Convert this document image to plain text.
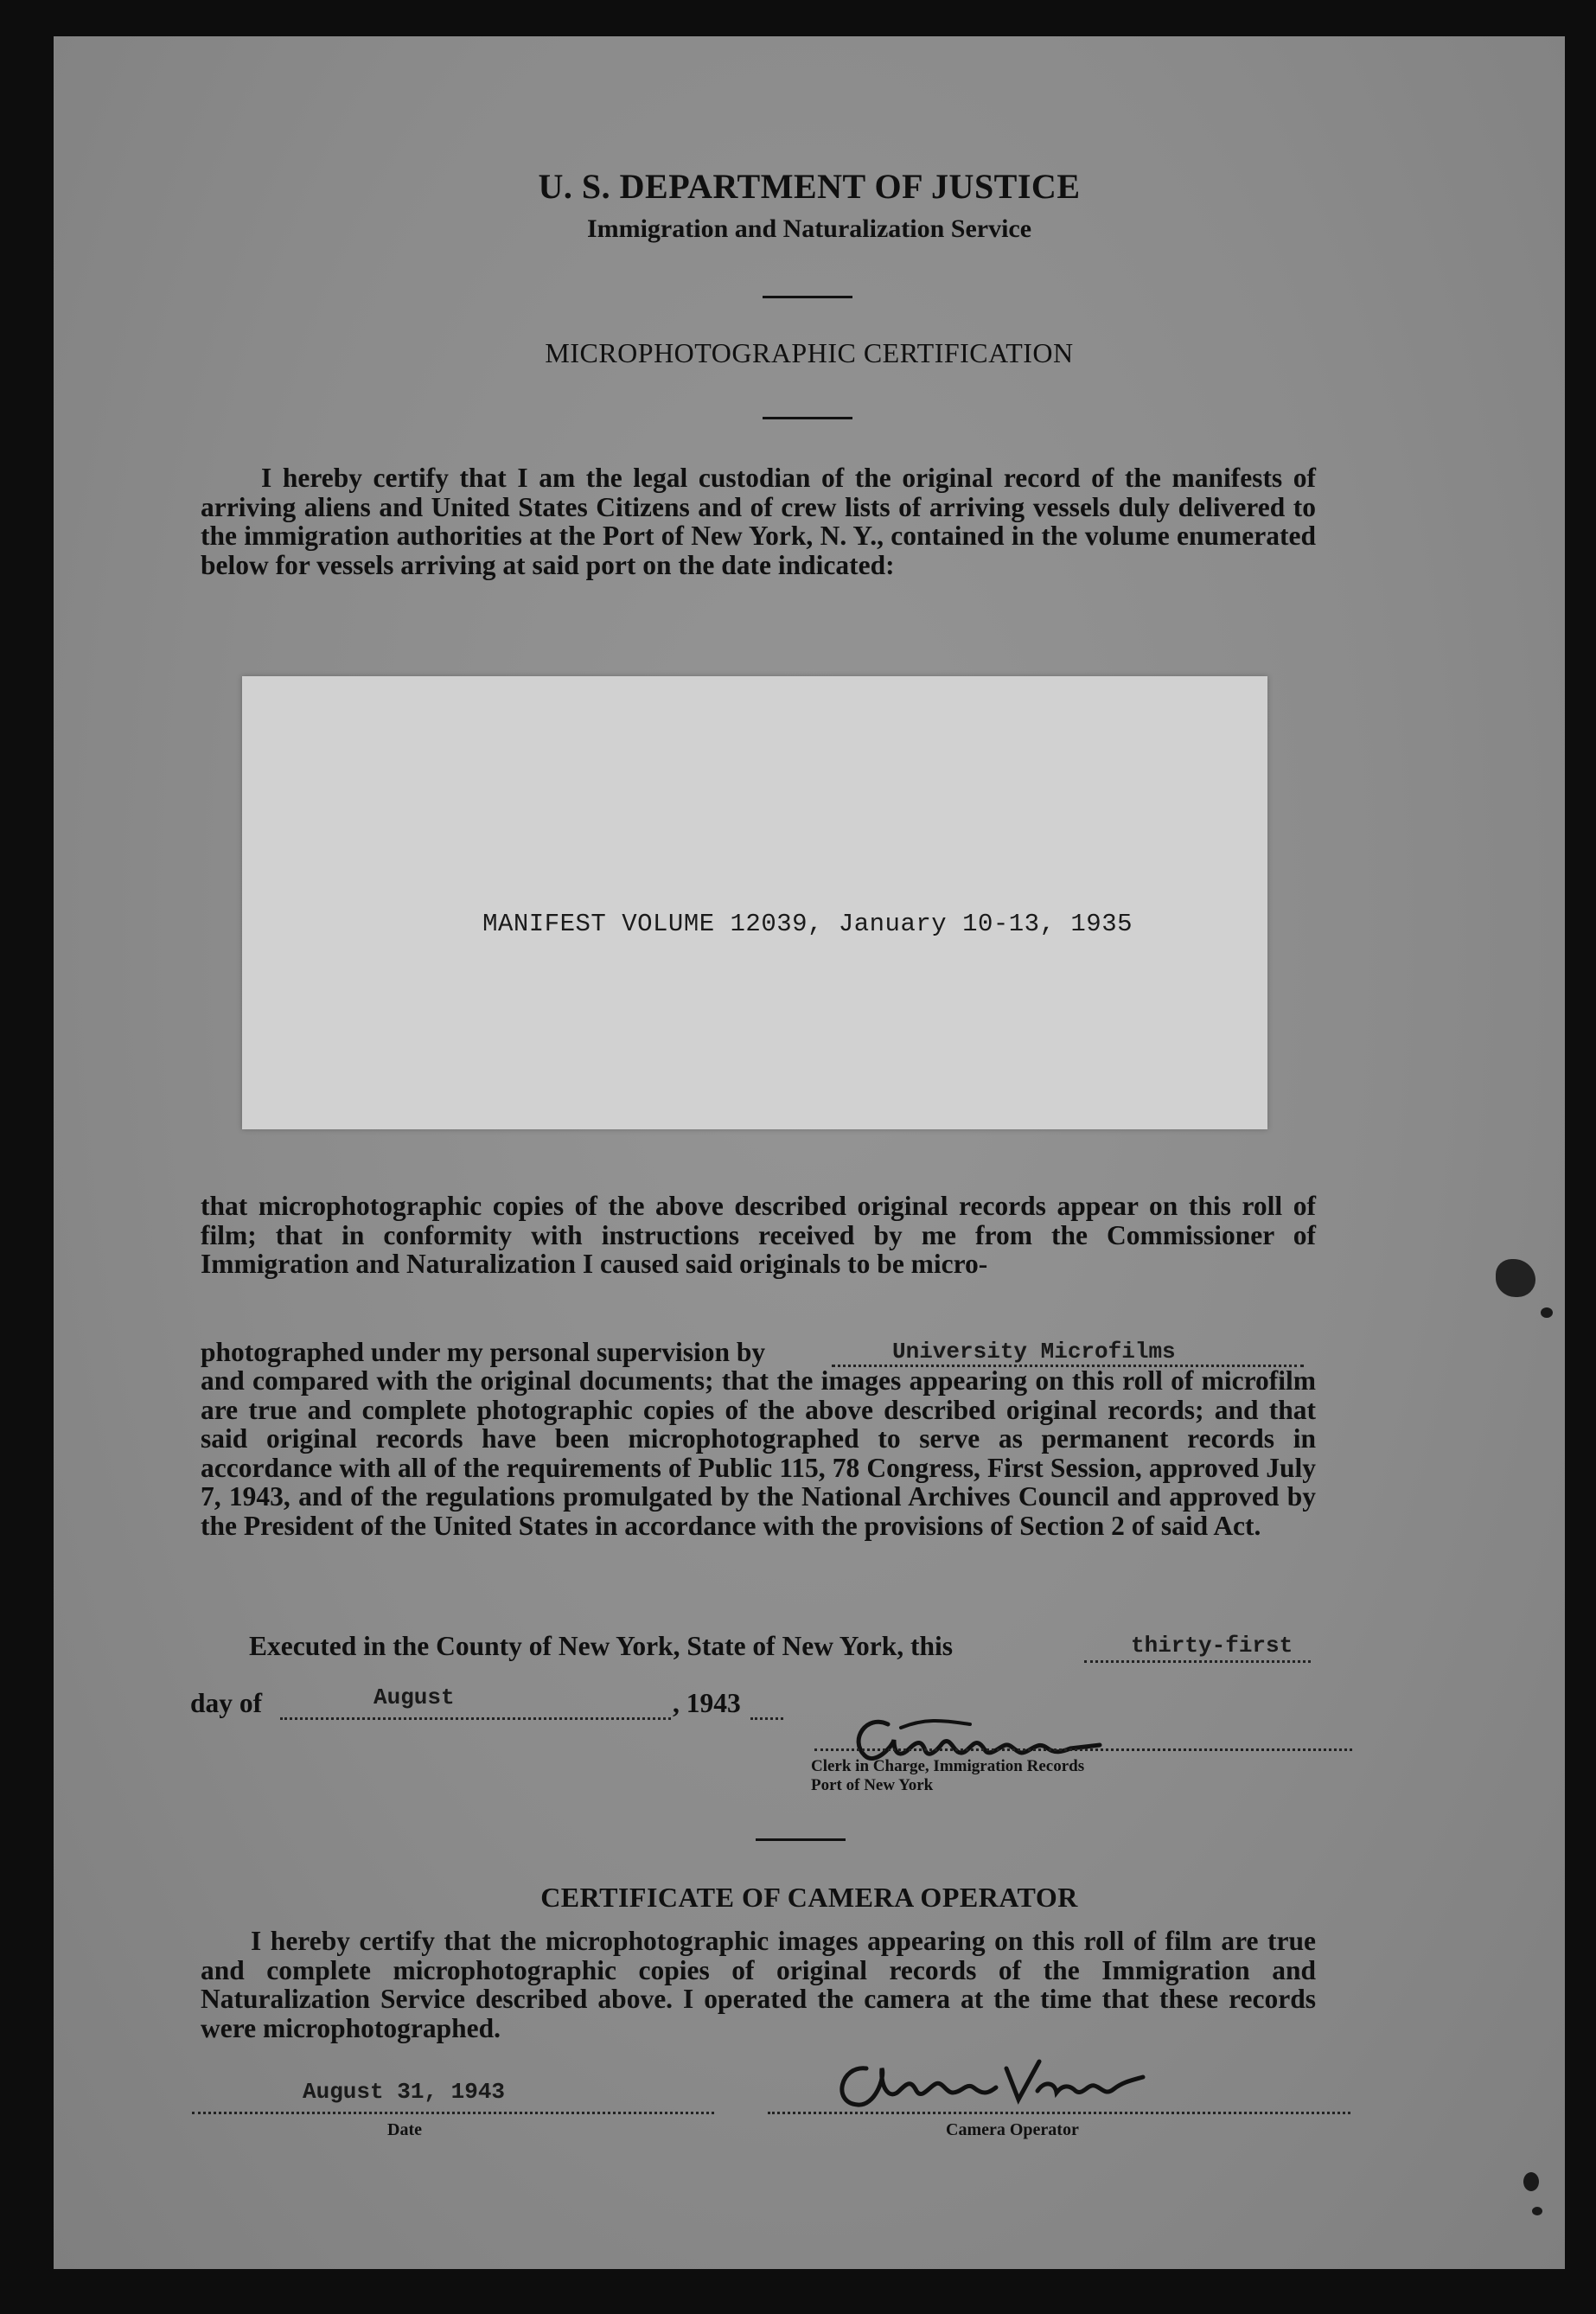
U. S. DEPARTMENT OF JUSTICE
Immigration and Naturalization Service
MICROPHOTOGRAPHIC CERTIFICATION
I hereby certify that I am the legal custodian of the original record of the manifests of arriving aliens and United States Citizens and of crew lists of arriving vessels duly delivered to the immigration authorities at the Port of New York, N. Y., contained in the volume enumerated below for vessels arriving at said port on the date indicated:
MANIFEST VOLUME 12039, January 10-13, 1935
that microphotographic copies of the above described original records appear on this roll of film; that in conformity with instructions received by me from the Commissioner of Immigration and Naturalization I caused said originals to be micro-
photographed under my personal supervision by	University Microfilms
and compared with the original documents; that the images appearing on this roll of microfilm are true and complete photographic copies of the above described original records; and that said original records have been microphotographed to serve as permanent records in accordance with all of the requirements of Public 115, 78 Congress, First Session, approved July 7, 1943, and of the regulations promulgated by the National Archives Council and approved by the President of the United States in accordance with the provisions of Section 2 of said Act.
Executed in the County of New York, State of New York, this	thirty-first
day of	August	, 1943
Clerk in Charge, Immigration Records
Port of New York
CERTIFICATE OF CAMERA OPERATOR
I hereby certify that the microphotographic images appearing on this roll of film are true and complete microphotographic copies of original records of the Immigration and Naturalization Service described above. I operated the camera at the time that these records were microphotographed.
August 31, 1943
Date	Camera Operator
